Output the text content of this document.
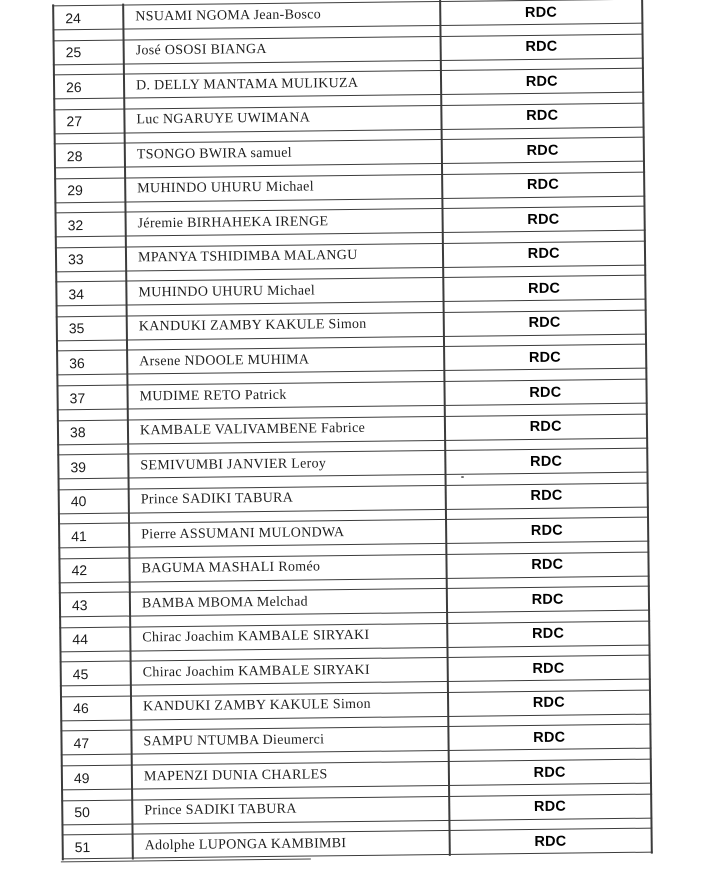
24	NSUAMI NGOMA Jean-Bosco	RDC
25	José OSOSI BIANGA	RDC
26	D. DELLY MANTAMA MULIKUZA	RDC
27	Luc NGARUYE UWIMANA	RDC
28	TSONGO BWIRA samuel	RDC
29	MUHINDO UHURU Michael	RDC
32	Jéremie BIRHAHEKA IRENGE	RDC
33	MPANYA TSHIDIMBA MALANGU	RDC
34	MUHINDO UHURU Michael	RDC
35	KANDUKI ZAMBY KAKULE Simon	RDC
36	Arsene NDOOLE MUHIMA	RDC
37	MUDIME RETO Patrick	RDC
38	KAMBALE VALIVAMBENE Fabrice	RDC
39	SEMIVUMBI JANVIER Leroy	RDC
40	Prince SADIKI TABURA	RDC
41	Pierre ASSUMANI MULONDWA	RDC
42	BAGUMA MASHALI Roméo	RDC
43	BAMBA MBOMA Melchad	RDC
44	Chirac Joachim KAMBALE SIRYAKI	RDC
45	Chirac Joachim KAMBALE SIRYAKI	RDC
46	KANDUKI ZAMBY KAKULE Simon	RDC
47	SAMPU NTUMBA Dieumerci	RDC
49	MAPENZI DUNIA CHARLES	RDC
50	Prince SADIKI TABURA	RDC
51	Adolphe LUPONGA KAMBIMBI	RDC
